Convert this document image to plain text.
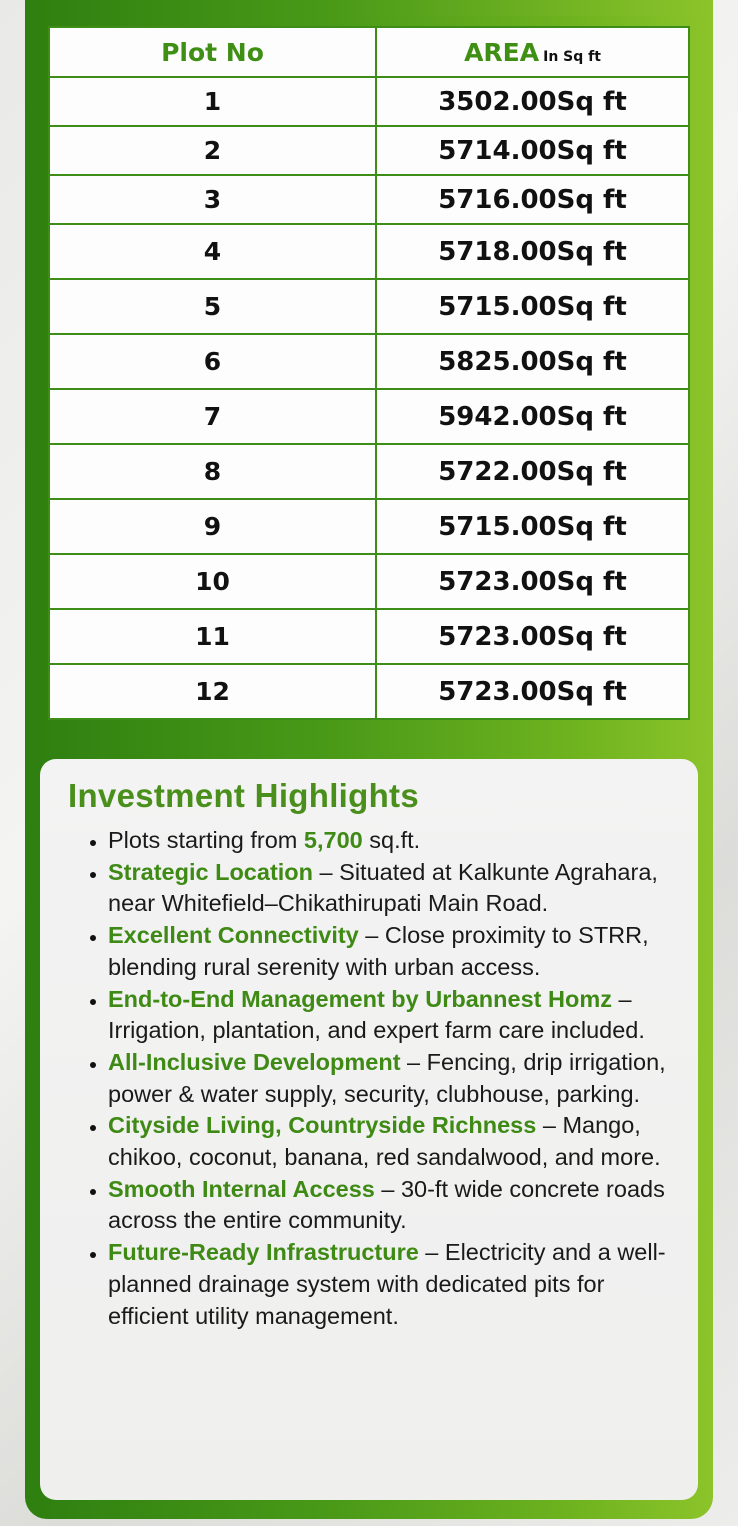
Plot No	AREA In Sq ft
1	3502.00Sq ft
2	5714.00Sq ft
3	5716.00Sq ft
4	5718.00Sq ft
5	5715.00Sq ft
6	5825.00Sq ft
7	5942.00Sq ft
8	5722.00Sq ft
9	5715.00Sq ft
10	5723.00Sq ft
11	5723.00Sq ft
12	5723.00Sq ft
Investment Highlights
• Plots starting from 5,700 sq.ft.
• Strategic Location – Situated at Kalkunte Agrahara, near Whitefield–Chikathirupati Main Road.
• Excellent Connectivity – Close proximity to STRR, blending rural serenity with urban access.
• End-to-End Management by Urbannest Homz – Irrigation, plantation, and expert farm care included.
• All-Inclusive Development – Fencing, drip irrigation, power & water supply, security, clubhouse, parking.
• Cityside Living, Countryside Richness – Mango, chikoo, coconut, banana, red sandalwood, and more.
• Smooth Internal Access – 30-ft wide concrete roads across the entire community.
• Future-Ready Infrastructure – Electricity and a well-planned drainage system with dedicated pits for efficient utility management.
